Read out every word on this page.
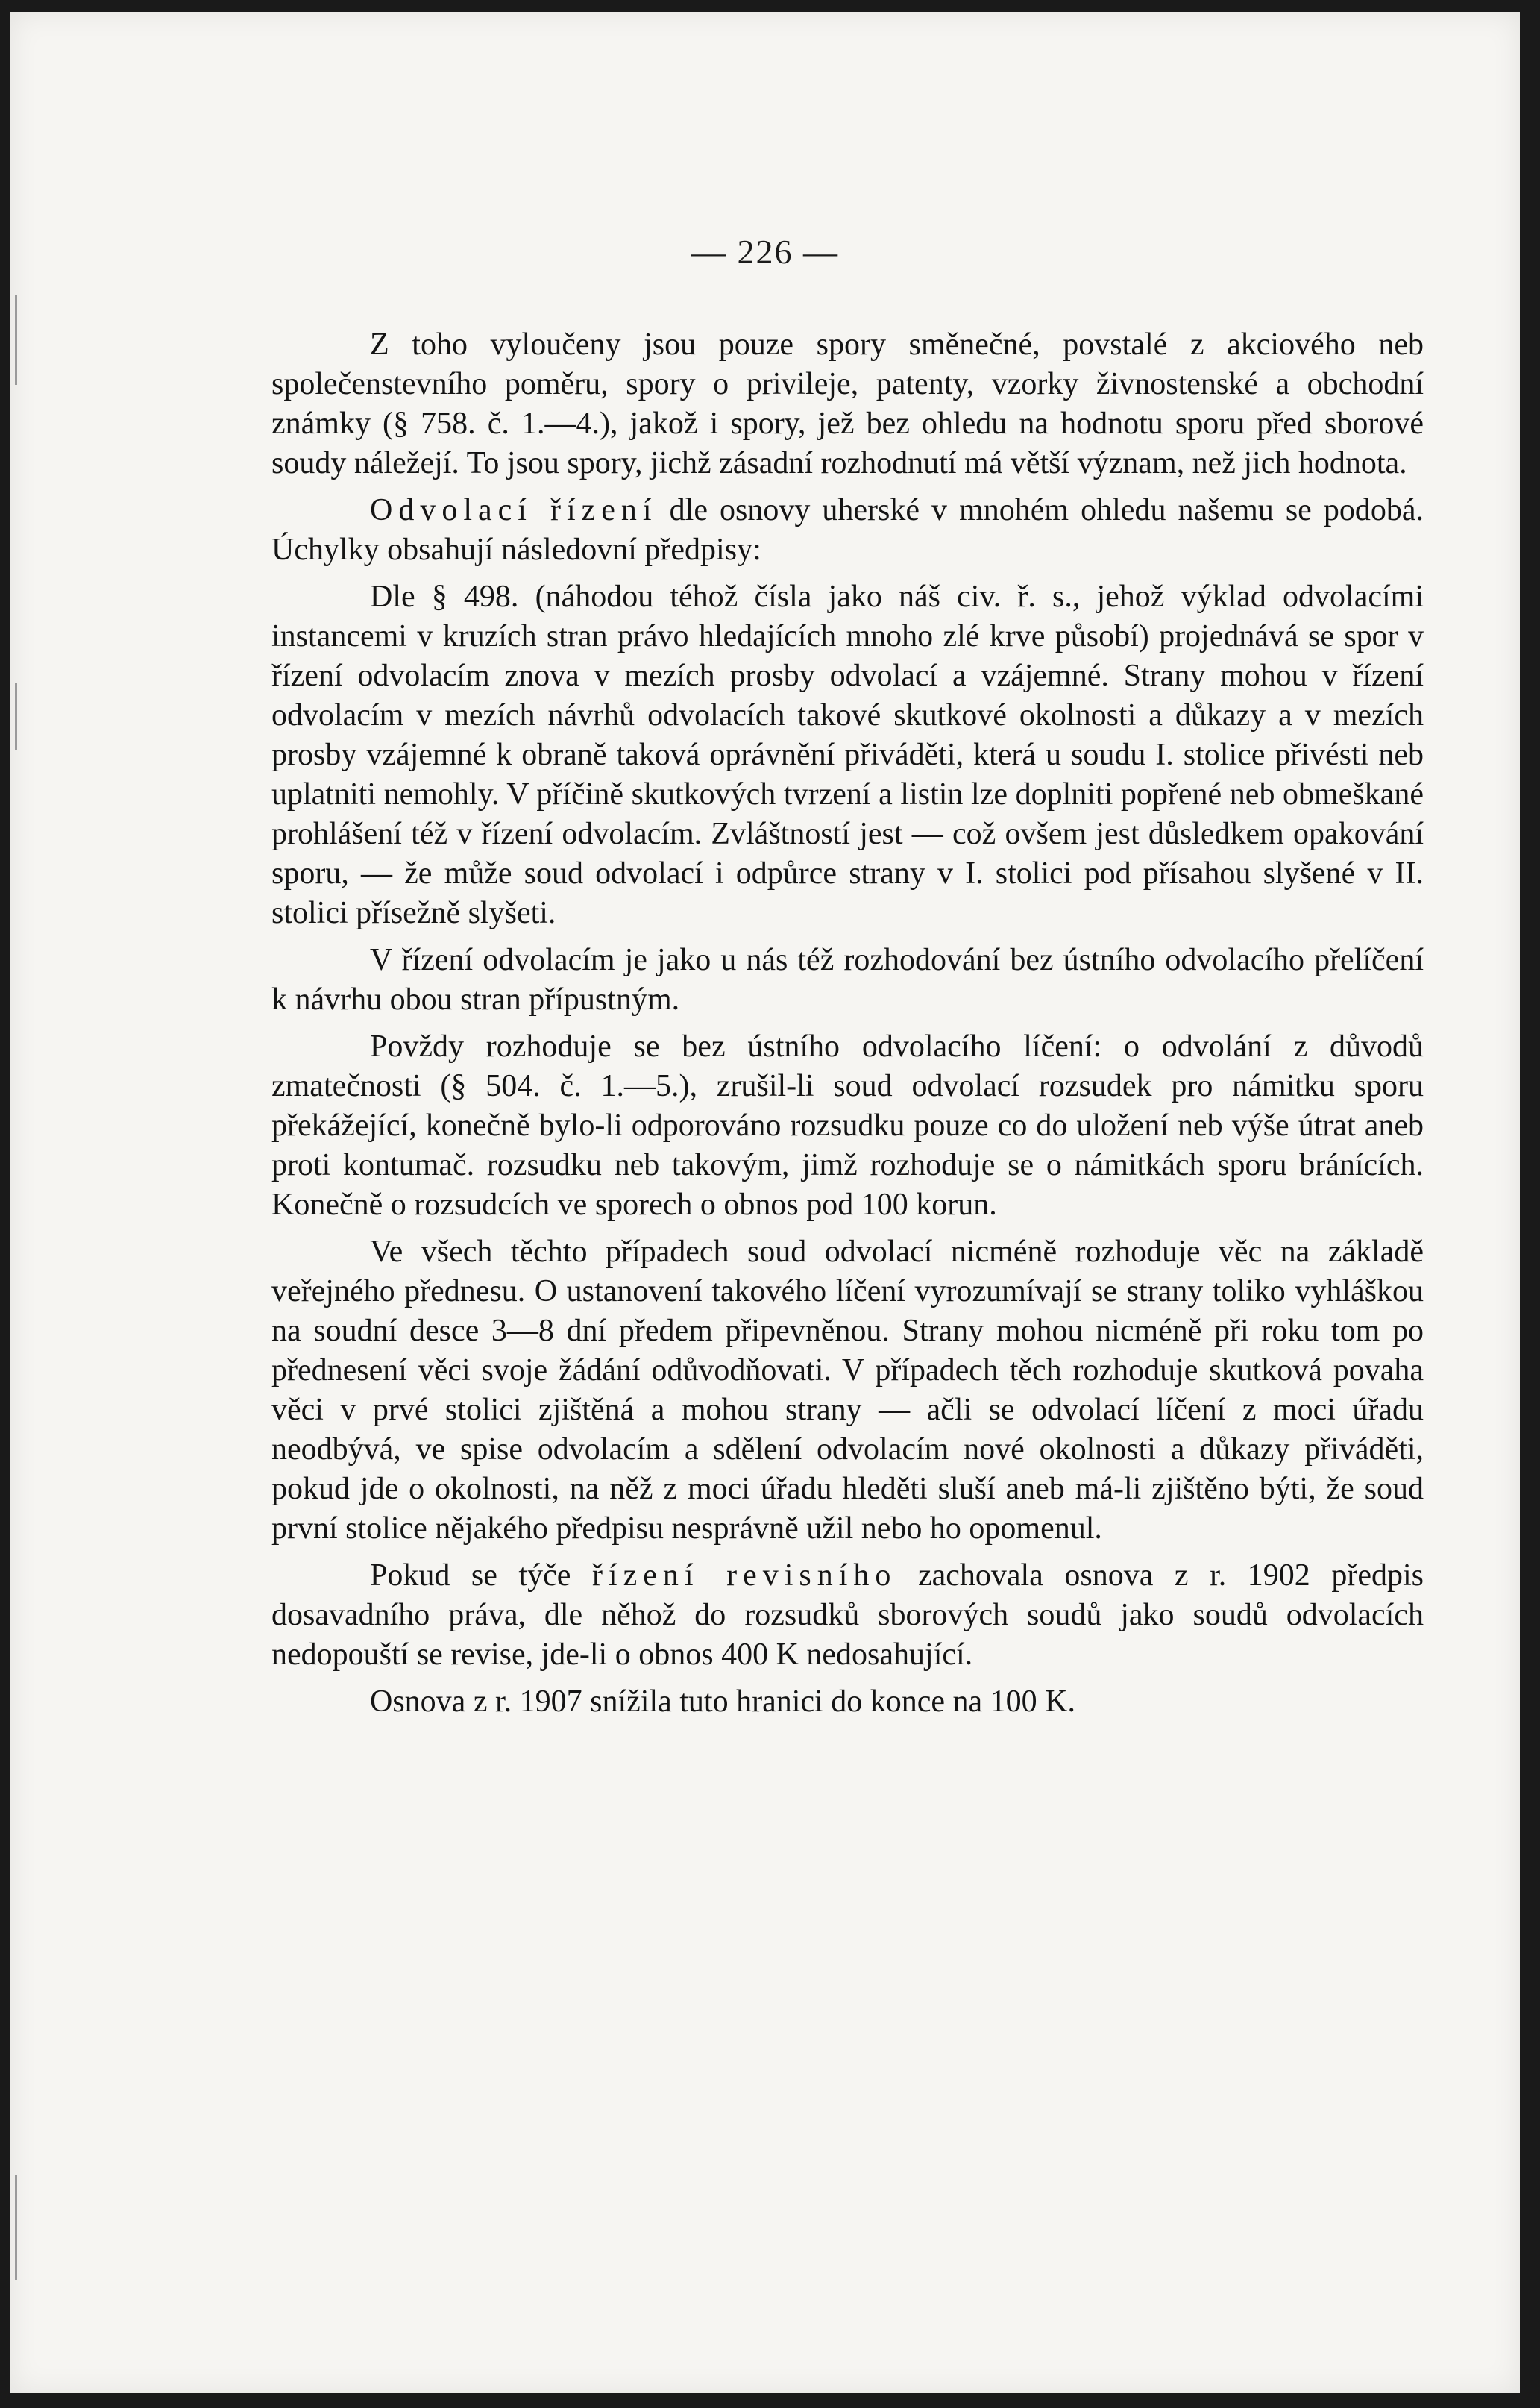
— 226 —

Z toho vyloučeny jsou pouze spory směnečné, povstalé z akciového neb společenstevního poměru, spory o privileje, patenty, vzorky živnostenské a obchodní známky (§ 758. č. 1.—4.), jakož i spory, jež bez ohledu na hodnotu sporu před sborové soudy náležejí. To jsou spory, jichž zásadní rozhodnutí má větší význam, než jich hodnota.

Odvolací řízení dle osnovy uherské v mnohém ohledu našemu se podobá. Úchylky obsahují následovní předpisy:

Dle § 498. (náhodou téhož čísla jako náš civ. ř. s., jehož výklad odvolacími instancemi v kruzích stran právo hledajících mnoho zlé krve působí) projednává se spor v řízení odvolacím znova v mezích prosby odvolací a vzájemné. Strany mohou v řízení odvolacím v mezích návrhů odvolacích takové skutkové okolnosti a důkazy a v mezích prosby vzájemné k obraně taková oprávnění přiváděti, která u soudu I. stolice přivésti neb uplatniti nemohly. V příčině skutkových tvrzení a listin lze doplniti popřené neb obmeškané prohlášení též v řízení odvolacím. Zvláštností jest — což ovšem jest důsledkem opakování sporu, — že může soud odvolací i odpůrce strany v I. stolici pod přísahou slyšené v II. stolici přísežně slyšeti.

V řízení odvolacím je jako u nás též rozhodování bez ústního odvolacího přelíčení k návrhu obou stran přípustným.

Povždy rozhoduje se bez ústního odvolacího líčení: o odvolání z důvodů zmatečnosti (§ 504. č. 1.—5.), zrušil-li soud odvolací rozsudek pro námitku sporu překážející, konečně bylo-li odporováno rozsudku pouze co do uložení neb výše útrat aneb proti kontumač. rozsudku neb takovým, jimž rozhoduje se o námitkách sporu bránících. Konečně o rozsudcích ve sporech o obnos pod 100 korun.

Ve všech těchto případech soud odvolací nicméně rozhoduje věc na základě veřejného přednesu. O ustanovení takového líčení vyrozumívají se strany toliko vyhláškou na soudní desce 3—8 dní předem připevněnou. Strany mohou nicméně při roku tom po přednesení věci svoje žádání odůvodňovati. V případech těch rozhoduje skutková povaha věci v prvé stolici zjištěná a mohou strany — ačli se odvolací líčení z moci úřadu neodbývá, ve spise odvolacím a sdělení odvolacím nové okolnosti a důkazy přiváděti, pokud jde o okolnosti, na něž z moci úřadu hleděti sluší aneb má-li zjištěno býti, že soud první stolice nějakého předpisu nesprávně užil nebo ho opomenul.

Pokud se týče řízení revisního zachovala osnova z r. 1902 předpis dosavadního práva, dle něhož do rozsudků sborových soudů jako soudů odvolacích nedopouští se revise, jde-li o obnos 400 K nedosahující.

Osnova z r. 1907 snížila tuto hranici do konce na 100 K.
